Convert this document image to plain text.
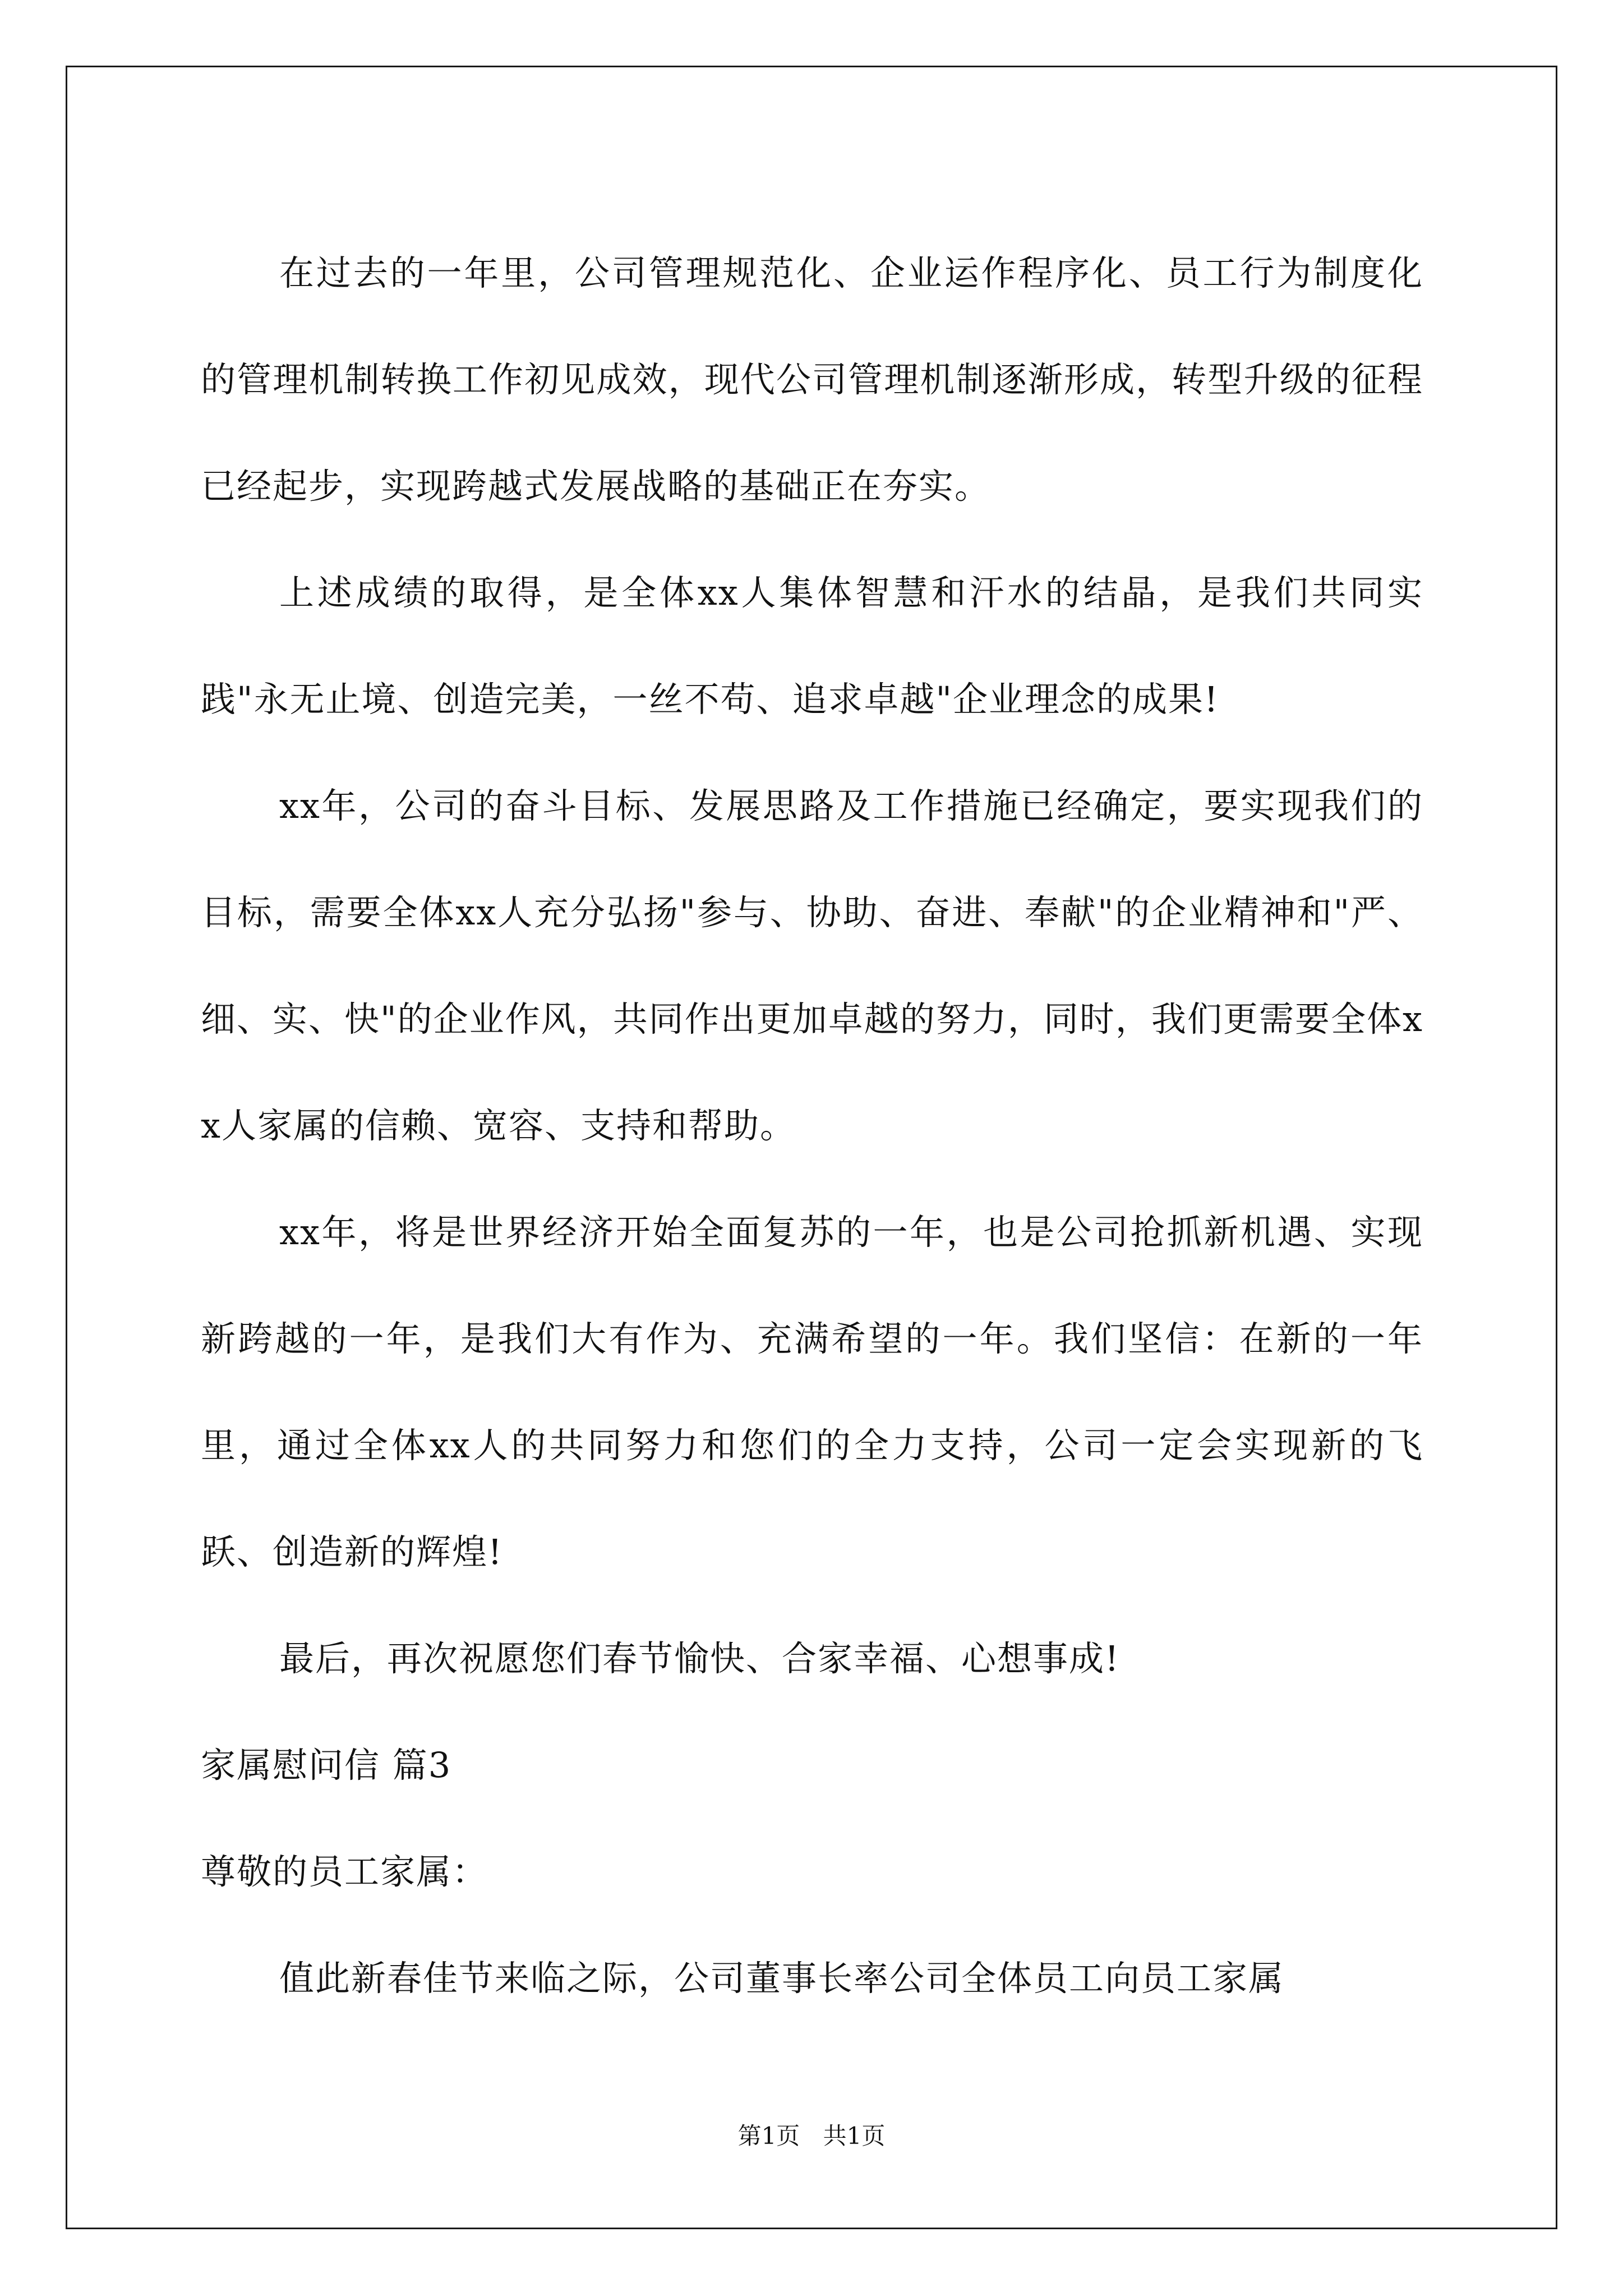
在过去的一年里，公司管理规范化、企业运作程序化、员工行为制度化的管理机制转换工作初见成效，现代公司管理机制逐渐形成，转型升级的征程已经起步，实现跨越式发展战略的基础正在夯实。

上述成绩的取得，是全体xx人集体智慧和汗水的结晶，是我们共同实践"永无止境、创造完美，一丝不苟、追求卓越"企业理念的成果!

xx年，公司的奋斗目标、发展思路及工作措施已经确定，要实现我们的目标，需要全体xx人充分弘扬"参与、协助、奋进、奉献"的企业精神和"严、细、实、快"的企业作风，共同作出更加卓越的努力，同时，我们更需要全体xx人家属的信赖、宽容、支持和帮助。

xx年，将是世界经济开始全面复苏的一年，也是公司抢抓新机遇、实现新跨越的一年，是我们大有作为、充满希望的一年。我们坚信：在新的一年里，通过全体xx人的共同努力和您们的全力支持，公司一定会实现新的飞跃、创造新的辉煌!

最后，再次祝愿您们春节愉快、合家幸福、心想事成!

家属慰问信 篇3

尊敬的员工家属：

值此新春佳节来临之际，公司董事长率公司全体员工向员工家属

第1页 共1页
